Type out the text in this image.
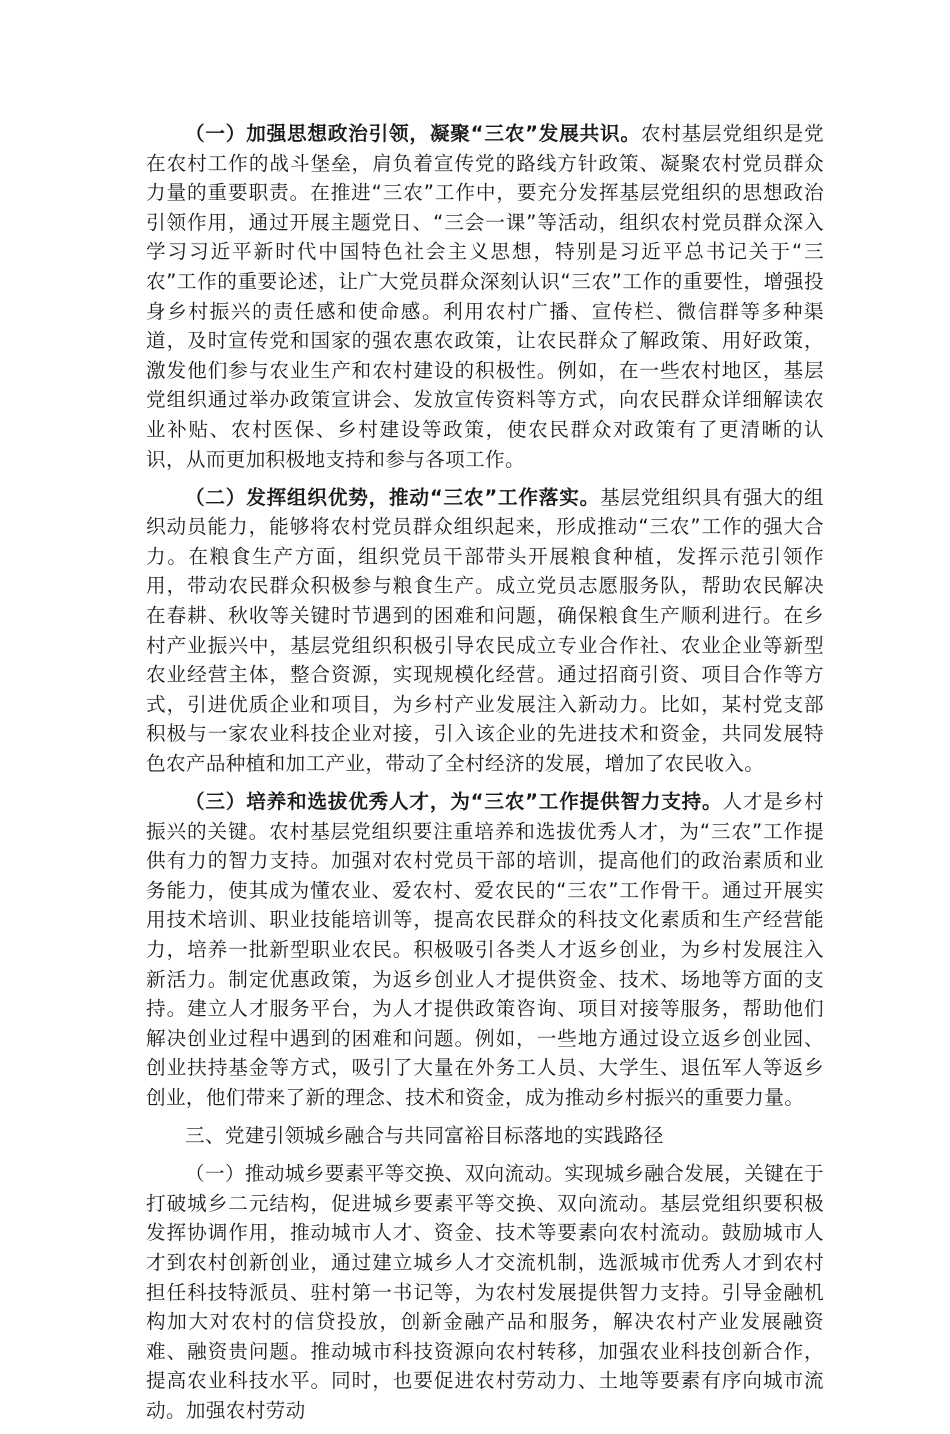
（一）加强思想政治引领，凝聚“三农”发展共识。农村基层党组织是党在农村工作的战斗堡垒，肩负着宣传党的路线方针政策、凝聚农村党员群众力量的重要职责。在推进“三农”工作中，要充分发挥基层党组织的思想政治引领作用，通过开展主题党日、“三会一课”等活动，组织农村党员群众深入学习习近平新时代中国特色社会主义思想，特别是习近平总书记关于“三农”工作的重要论述，让广大党员群众深刻认识“三农”工作的重要性，增强投身乡村振兴的责任感和使命感。利用农村广播、宣传栏、微信群等多种渠道，及时宣传党和国家的强农惠农政策，让农民群众了解政策、用好政策，激发他们参与农业生产和农村建设的积极性。例如，在一些农村地区，基层党组织通过举办政策宣讲会、发放宣传资料等方式，向农民群众详细解读农业补贴、农村医保、乡村建设等政策，使农民群众对政策有了更清晰的认识，从而更加积极地支持和参与各项工作。

（二）发挥组织优势，推动“三农”工作落实。基层党组织具有强大的组织动员能力，能够将农村党员群众组织起来，形成推动“三农”工作的强大合力。在粮食生产方面，组织党员干部带头开展粮食种植，发挥示范引领作用，带动农民群众积极参与粮食生产。成立党员志愿服务队，帮助农民解决在春耕、秋收等关键时节遇到的困难和问题，确保粮食生产顺利进行。在乡村产业振兴中，基层党组织积极引导农民成立专业合作社、农业企业等新型农业经营主体，整合资源，实现规模化经营。通过招商引资、项目合作等方式，引进优质企业和项目，为乡村产业发展注入新动力。比如，某村党支部积极与一家农业科技企业对接，引入该企业的先进技术和资金，共同发展特色农产品种植和加工产业，带动了全村经济的发展，增加了农民收入。

（三）培养和选拔优秀人才，为“三农”工作提供智力支持。人才是乡村振兴的关键。农村基层党组织要注重培养和选拔优秀人才，为“三农”工作提供有力的智力支持。加强对农村党员干部的培训，提高他们的政治素质和业务能力，使其成为懂农业、爱农村、爱农民的“三农”工作骨干。通过开展实用技术培训、职业技能培训等，提高农民群众的科技文化素质和生产经营能力，培养一批新型职业农民。积极吸引各类人才返乡创业，为乡村发展注入新活力。制定优惠政策，为返乡创业人才提供资金、技术、场地等方面的支持。建立人才服务平台，为人才提供政策咨询、项目对接等服务，帮助他们解决创业过程中遇到的困难和问题。例如，一些地方通过设立返乡创业园、创业扶持基金等方式，吸引了大量在外务工人员、大学生、退伍军人等返乡创业，他们带来了新的理念、技术和资金，成为推动乡村振兴的重要力量。

三、党建引领城乡融合与共同富裕目标落地的实践路径

（一）推动城乡要素平等交换、双向流动。实现城乡融合发展，关键在于打破城乡二元结构，促进城乡要素平等交换、双向流动。基层党组织要积极发挥协调作用，推动城市人才、资金、技术等要素向农村流动。鼓励城市人才到农村创新创业，通过建立城乡人才交流机制，选派城市优秀人才到农村担任科技特派员、驻村第一书记等，为农村发展提供智力支持。引导金融机构加大对农村的信贷投放，创新金融产品和服务，解决农村产业发展融资难、融资贵问题。推动城市科技资源向农村转移，加强农业科技创新合作，提高农业科技水平。同时，也要促进农村劳动力、土地等要素有序向城市流动。加强农村劳动
